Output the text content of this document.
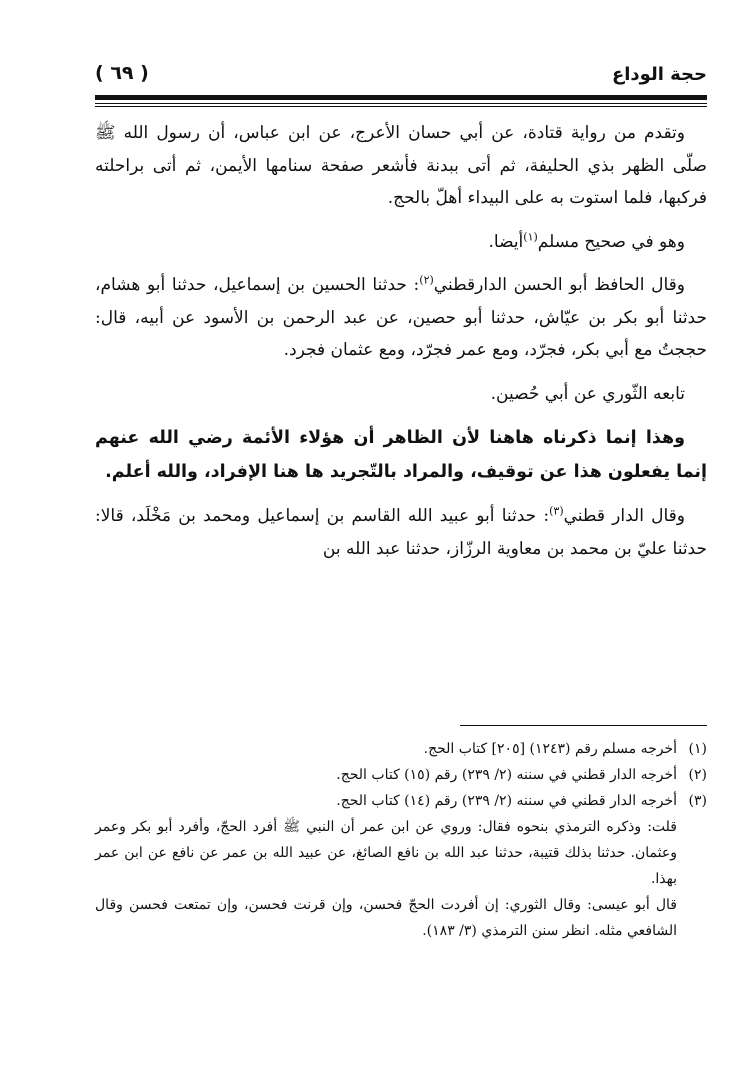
حجة الوداع
( ٦٩ )

وتقدم من رواية قتادة، عن أبي حسان الأعرج، عن ابن عباس، أن رسول الله ﷺ صلّى الظهر بذي الحليفة، ثم أتى ببدنة فأشعر صفحة سنامها الأيمن، ثم أتى براحلته فركبها، فلما استوت به على البيداء أهلّ بالحج.

وهو في صحيح مسلم$^{(١)}$أيضا.

وقال الحافظ أبو الحسن الدارقطني$^{(٢)}$: حدثنا الحسين بن إسماعيل، حدثنا أبو هشام، حدثنا أبو بكر بن عيّاش، حدثنا أبو حصين، عن عبد الرحمن بن الأسود عن أبيه، قال: حججتُ مع أبي بكر، فجرّد، ومع عمر فجرّد، ومع عثمان فجرد.

تابعه الثّوري عن أبي حُصين.

وهذا إنما ذكرناه هاهنا لأن الظاهر أن هؤلاء الأئمة رضي الله عنهم إنما يفعلون هذا عن توقيف، والمراد بالتّجريد ها هنا الإفراد، والله أعلم.

وقال الدار قطني$^{(٣)}$: حدثنا أبو عبيد الله القاسم بن إسماعيل ومحمد بن مَخْلَد، قالا: حدثنا عليّ بن محمد بن معاوية الرزّاز، حدثنا عبد الله بن

(١)أخرجه مسلم رقم (١٢٤٣) [٢٠٥] كتاب الحج.

(٢)أخرجه الدار قطني في سننه (٢/ ٢٣٩) رقم (١٥) كتاب الحج.

(٣)أخرجه الدار قطني في سننه (٢/ ٢٣٩) رقم (١٤) كتاب الحج.

قلت: وذكره الترمذي بنحوه فقال: وروي عن ابن عمر أن النبي ﷺ أفرد الحجّ، وأفرد أبو بكر وعمر وعثمان. حدثنا بذلك قتيبة، حدثنا عبد الله بن نافع الصائغ، عن عبيد الله بن عمر عن نافع عن ابن عمر بهذا.

قال أبو عيسى: وقال الثوري: إن أفردت الحجّ فحسن، وإن قرنت فحسن، وإن تمتعت فحسن وقال الشافعي مثله. انظر سنن الترمذي (٣/ ١٨٣).
